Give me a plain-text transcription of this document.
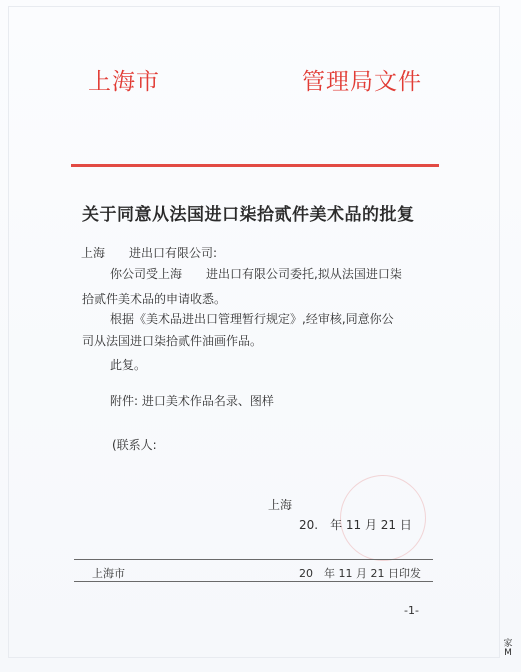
上海市	管理局文件
关于同意从法国进口柒拾贰件美术品的批复
上海　　进出口有限公司:
你公司受上海　　进出口有限公司委托,拟从法国进口柒
拾贰件美术品的申请收悉。
根据《美术品进出口管理暂行规定》,经审核,同意你公
司从法国进口柒拾贰件油画作品。
此复。
附件: 进口美术作品名录、图样
(联系人:
上海
20.　年 11 月 21 日
上海市	20　年 11 月 21 日印发
-1-
家
M
